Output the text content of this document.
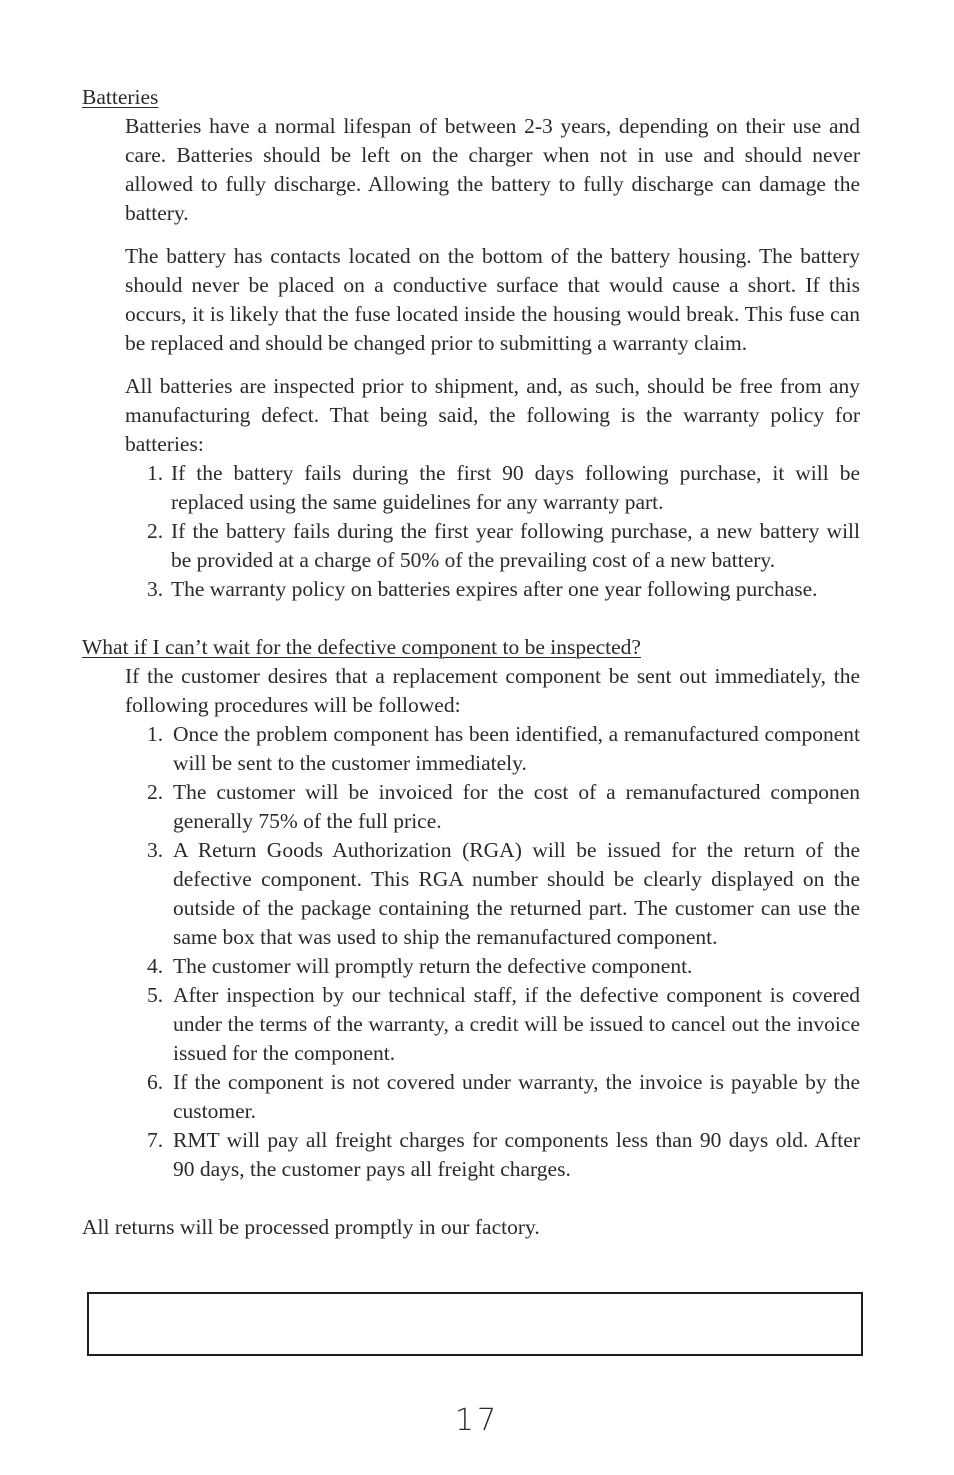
Batteries

Batteries have a normal lifespan of between 2-3 years, depending on their use and care. Batteries should be left on the charger when not in use and should never allowed to fully discharge. Allowing the battery to fully discharge can damage the battery.

The battery has contacts located on the bottom of the battery housing. The battery should never be placed on a conductive surface that would cause a short. If this occurs, it is likely that the fuse located inside the housing would break. This fuse can be replaced and should be changed prior to submitting a warranty claim.

All batteries are inspected prior to shipment, and, as such, should be free from any manufacturing defect. That being said, the following is the warranty policy for batteries:

1. If the battery fails during the first 90 days following purchase, it will be replaced using the same guidelines for any warranty part.
2. If the battery fails during the first year following purchase, a new battery will be provided at a charge of 50% of the prevailing cost of a new battery.
3. The warranty policy on batteries expires after one year following purchase.
What if I can’t wait for the defective component to be inspected?

If the customer desires that a replacement component be sent out immediately, the following procedures will be followed:

1. Once the problem component has been identified, a remanufactured component will be sent to the customer immediately.
2. The customer will be invoiced for the cost of a remanufactured componen generally 75% of the full price.
3. A Return Goods Authorization (RGA) will be issued for the return of the defective component. This RGA number should be clearly displayed on the outside of the package containing the returned part. The customer can use the same box that was used to ship the remanufactured component.
4. The customer will promptly return the defective component.
5. After inspection by our technical staff, if the defective component is covered under the terms of the warranty, a credit will be issued to cancel out the invoice issued for the component.
6. If the component is not covered under warranty, the invoice is payable by the customer.
7. RMT will pay all freight charges for components less than 90 days old. After 90 days, the customer pays all freight charges.

All returns will be processed promptly in our factory.

17
